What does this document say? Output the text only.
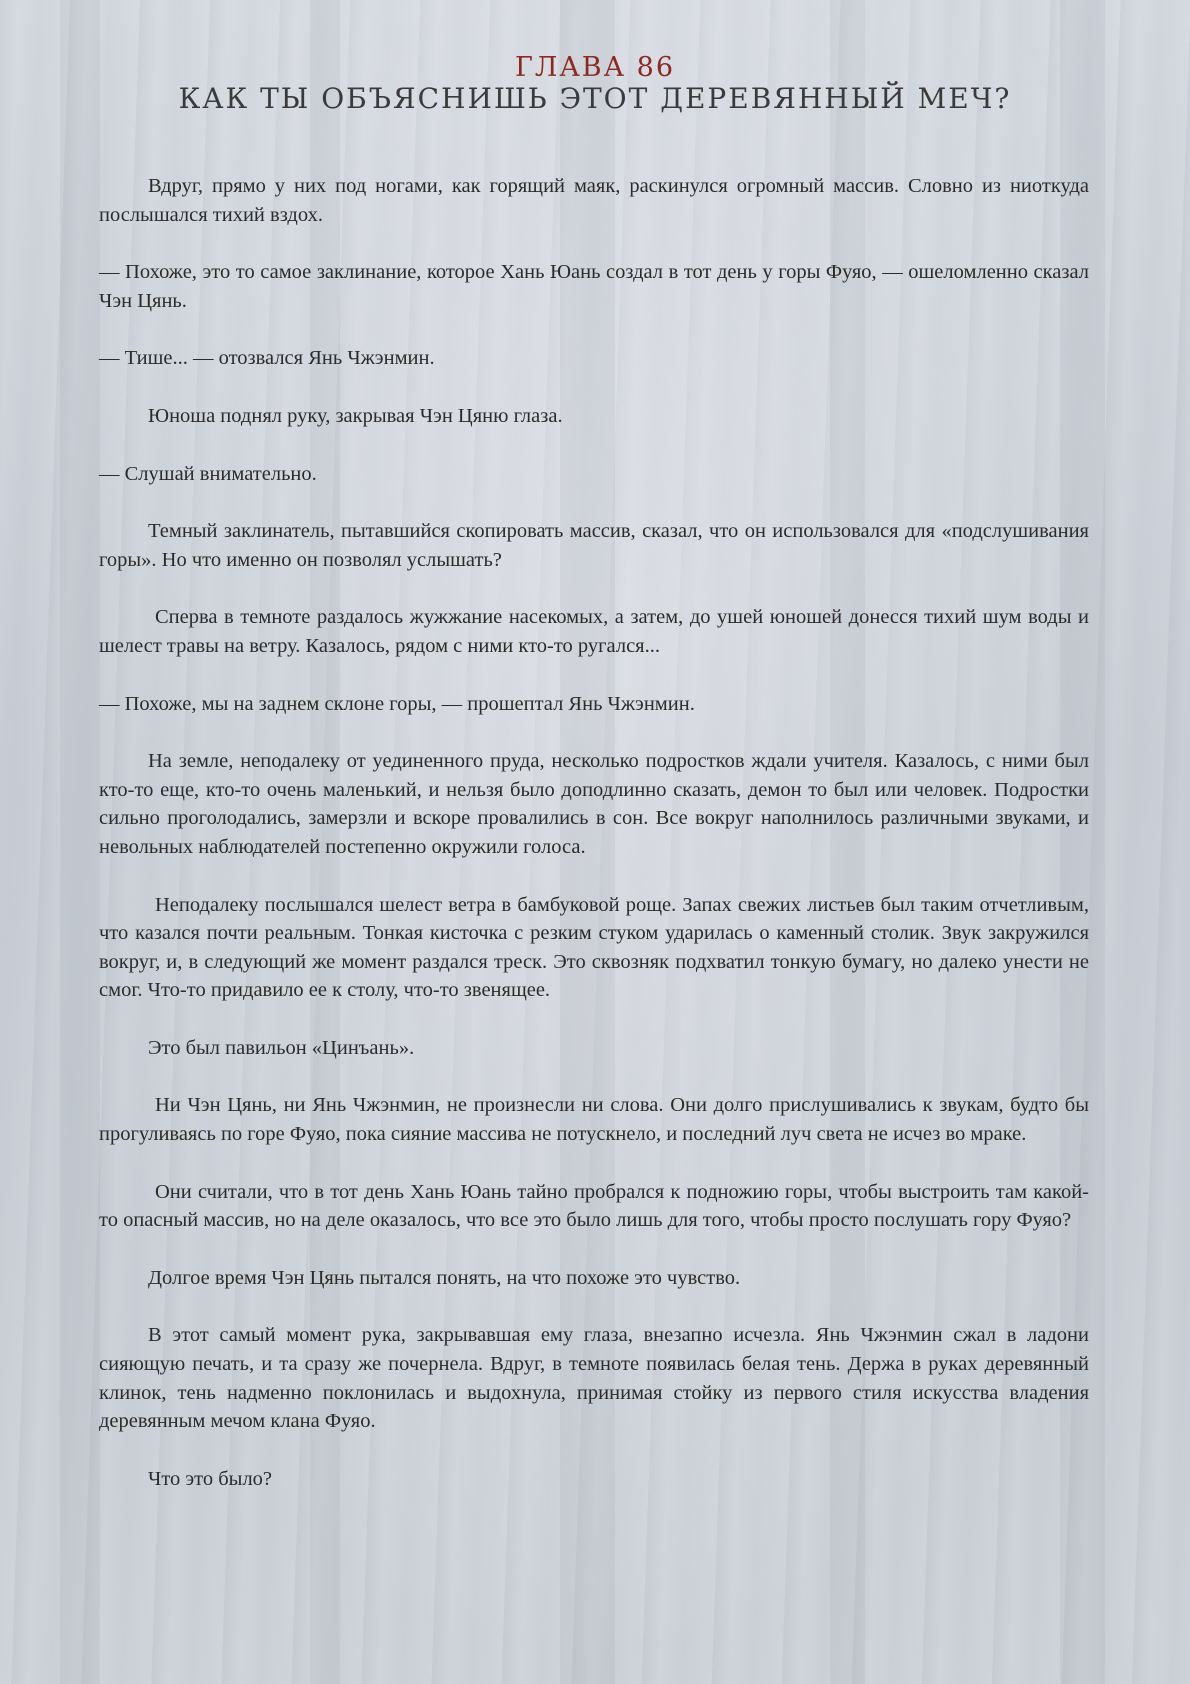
ГЛАВА 86
КАК ТЫ ОБЪЯСНИШЬ ЭТОТ ДЕРЕВЯННЫЙ МЕЧ?

Вдруг, прямо у них под ногами, как горящий маяк, раскинулся огромный массив. Словно из ниоткуда послышался тихий вздох.

— Похоже, это то самое заклинание, которое Хань Юань создал в тот день у горы Фуяо, — ошеломленно сказал Чэн Цянь.

— Тише... — отозвался Янь Чжэнмин.

Юноша поднял руку, закрывая Чэн Цяню глаза.

— Слушай внимательно.

Темный заклинатель, пытавшийся скопировать массив, сказал, что он использовался для «подслушивания горы». Но что именно он позволял услышать?

Сперва в темноте раздалось жужжание насекомых, а затем, до ушей юношей донесся тихий шум воды и шелест травы на ветру. Казалось, рядом с ними кто-то ругался...

— Похоже, мы на заднем склоне горы, — прошептал Янь Чжэнмин.

На земле, неподалеку от уединенного пруда, несколько подростков ждали учителя. Казалось, с ними был кто-то еще, кто-то очень маленький, и нельзя было доподлинно сказать, демон то был или человек. Подростки сильно проголодались, замерзли и вскоре провалились в сон. Все вокруг наполнилось различными звуками, и невольных наблюдателей постепенно окружили голоса.

Неподалеку послышался шелест ветра в бамбуковой роще. Запах свежих листьев был таким отчетливым, что казался почти реальным. Тонкая кисточка с резким стуком ударилась о каменный столик. Звук закружился вокруг, и, в следующий же момент раздался треск. Это сквозняк подхватил тонкую бумагу, но далеко унести не смог. Что-то придавило ее к столу, что-то звенящее.

Это был павильон «Цинъань».

Ни Чэн Цянь, ни Янь Чжэнмин, не произнесли ни слова. Они долго прислушивались к звукам, будто бы прогуливаясь по горе Фуяо, пока сияние массива не потускнело, и последний луч света не исчез во мраке.

Они считали, что в тот день Хань Юань тайно пробрался к подножию горы, чтобы выстроить там какой-то опасный массив, но на деле оказалось, что все это было лишь для того, чтобы просто послушать гору Фуяо?

Долгое время Чэн Цянь пытался понять, на что похоже это чувство.

В этот самый момент рука, закрывавшая ему глаза, внезапно исчезла. Янь Чжэнмин сжал в ладони сияющую печать, и та сразу же почернела. Вдруг, в темноте появилась белая тень. Держа в руках деревянный клинок, тень надменно поклонилась и выдохнула, принимая стойку из первого стиля искусства владения деревянным мечом клана Фуяо.

Что это было?
